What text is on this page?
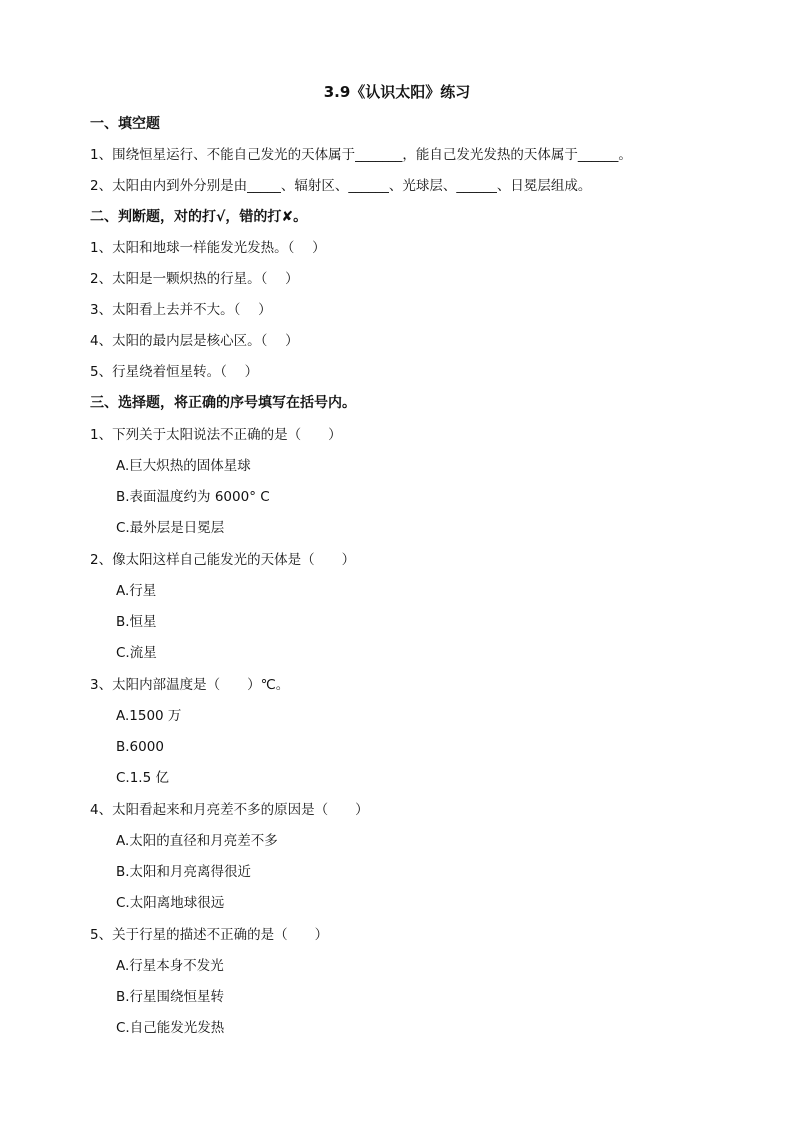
3.9《认识太阳》练习
一、填空题
1、围绕恒星运行、不能自己发光的天体属于_______，能自己发光发热的天体属于______。
2、太阳由内到外分别是由_____、辐射区、______、光球层、______、日冕层组成。
二、判断题，对的打√，错的打✘。
1、太阳和地球一样能发光发热。（　 ）
2、太阳是一颗炽热的行星。（　 ）
3、太阳看上去并不大。（　 ）
4、太阳的最内层是核心区。（　 ）
5、行星绕着恒星转。（　 ）
三、选择题，将正确的序号填写在括号内。
1、下列关于太阳说法不正确的是（　　）
A.巨大炽热的固体星球
B.表面温度约为 6000° C
C.最外层是日冕层
2、像太阳这样自己能发光的天体是（　　）
A.行星
B.恒星
C.流星
3、太阳内部温度是（　　）℃。
A.1500 万
B.6000
C.1.5 亿
4、太阳看起来和月亮差不多的原因是（　　）
A.太阳的直径和月亮差不多
B.太阳和月亮离得很近
C.太阳离地球很远
5、关于行星的描述不正确的是（　　）
A.行星本身不发光
B.行星围绕恒星转
C.自己能发光发热
